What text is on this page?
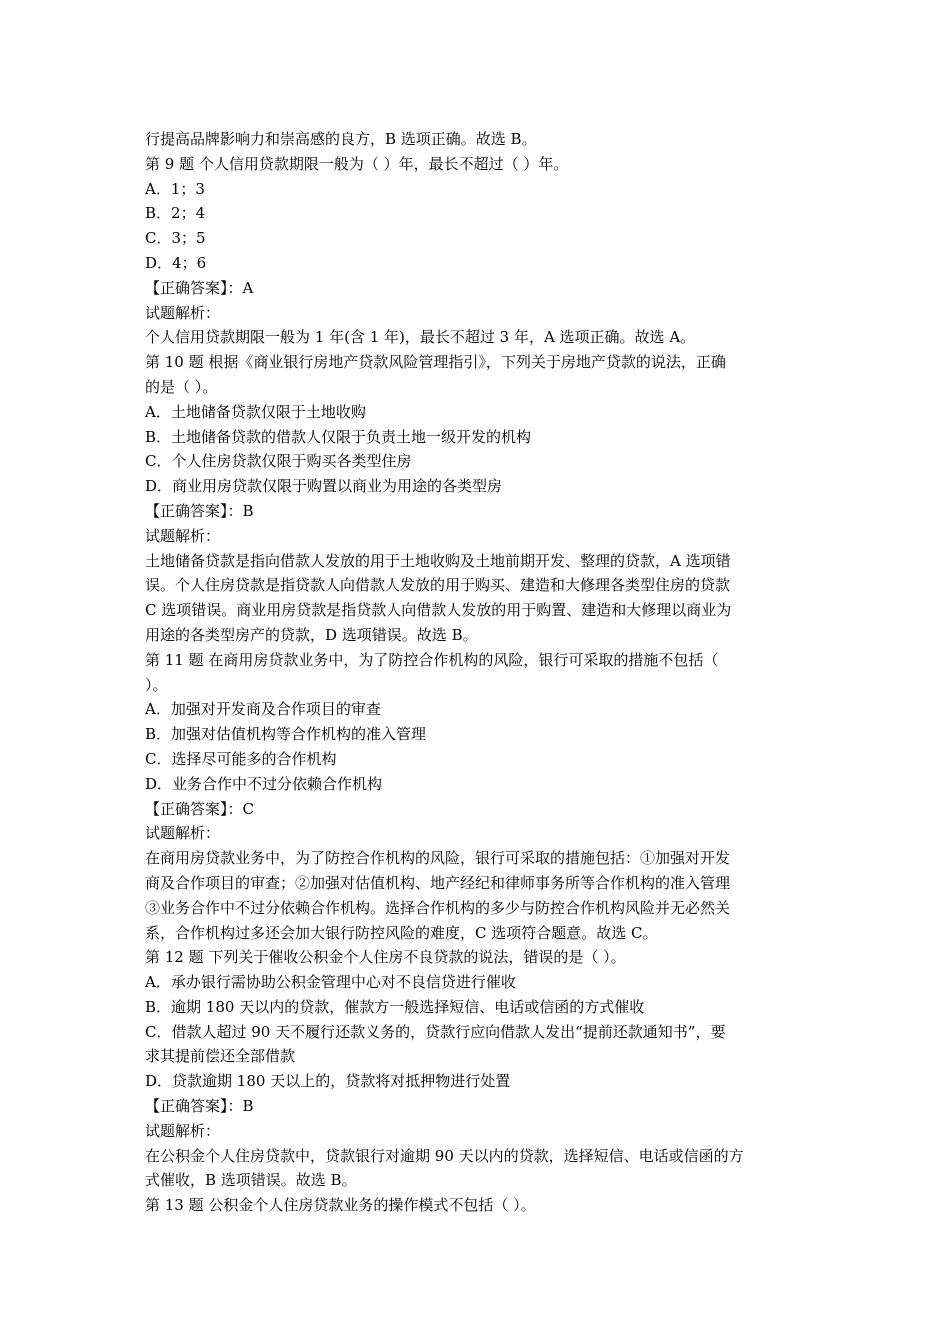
行提高品牌影响力和崇高感的良方，B 选项正确。故选 B。
第 9 题 个人信用贷款期限一般为（ ）年，最长不超过（ ）年。
A．1；3
B．2；4
C．3；5
D．4；6
【正确答案】：A
试题解析：
个人信用贷款期限一般为 1 年(含 1 年)，最长不超过 3 年，A 选项正确。故选 A。
第 10 题 根据《商业银行房地产贷款风险管理指引》，下列关于房地产贷款的说法，正确
的是（ ）。
A．土地储备贷款仅限于土地收购
B．土地储备贷款的借款人仅限于负责土地一级开发的机构
C．个人住房贷款仅限于购买各类型住房
D．商业用房贷款仅限于购置以商业为用途的各类型房
【正确答案】：B
试题解析：
土地储备贷款是指向借款人发放的用于土地收购及土地前期开发、整理的贷款，A 选项错
误。个人住房贷款是指贷款人向借款人发放的用于购买、建造和大修理各类型住房的贷款
C 选项错误。商业用房贷款是指贷款人向借款人发放的用于购置、建造和大修理以商业为
用途的各类型房产的贷款，D 选项错误。故选 B。
第 11 题 在商用房贷款业务中，为了防控合作机构的风险，银行可采取的措施不包括（
）。
A．加强对开发商及合作项目的审查
B．加强对估值机构等合作机构的准入管理
C．选择尽可能多的合作机构
D．业务合作中不过分依赖合作机构
【正确答案】：C
试题解析：
在商用房贷款业务中，为了防控合作机构的风险，银行可采取的措施包括：①加强对开发
商及合作项目的审查；②加强对估值机构、地产经纪和律师事务所等合作机构的准入管理
③业务合作中不过分依赖合作机构。选择合作机构的多少与防控合作机构风险并无必然关
系，合作机构过多还会加大银行防控风险的难度，C 选项符合题意。故选 C。
第 12 题 下列关于催收公积金个人住房不良贷款的说法，错误的是（ ）。
A．承办银行需协助公积金管理中心对不良信贷进行催收
B．逾期 180 天以内的贷款，催款方一般选择短信、电话或信函的方式催收
C．借款人超过 90 天不履行还款义务的，贷款行应向借款人发出“提前还款通知书”，要
求其提前偿还全部借款
D．贷款逾期 180 天以上的，贷款将对抵押物进行处置
【正确答案】：B
试题解析：
在公积金个人住房贷款中，贷款银行对逾期 90 天以内的贷款，选择短信、电话或信函的方
式催收，B 选项错误。故选 B。
第 13 题 公积金个人住房贷款业务的操作模式不包括（ ）。
